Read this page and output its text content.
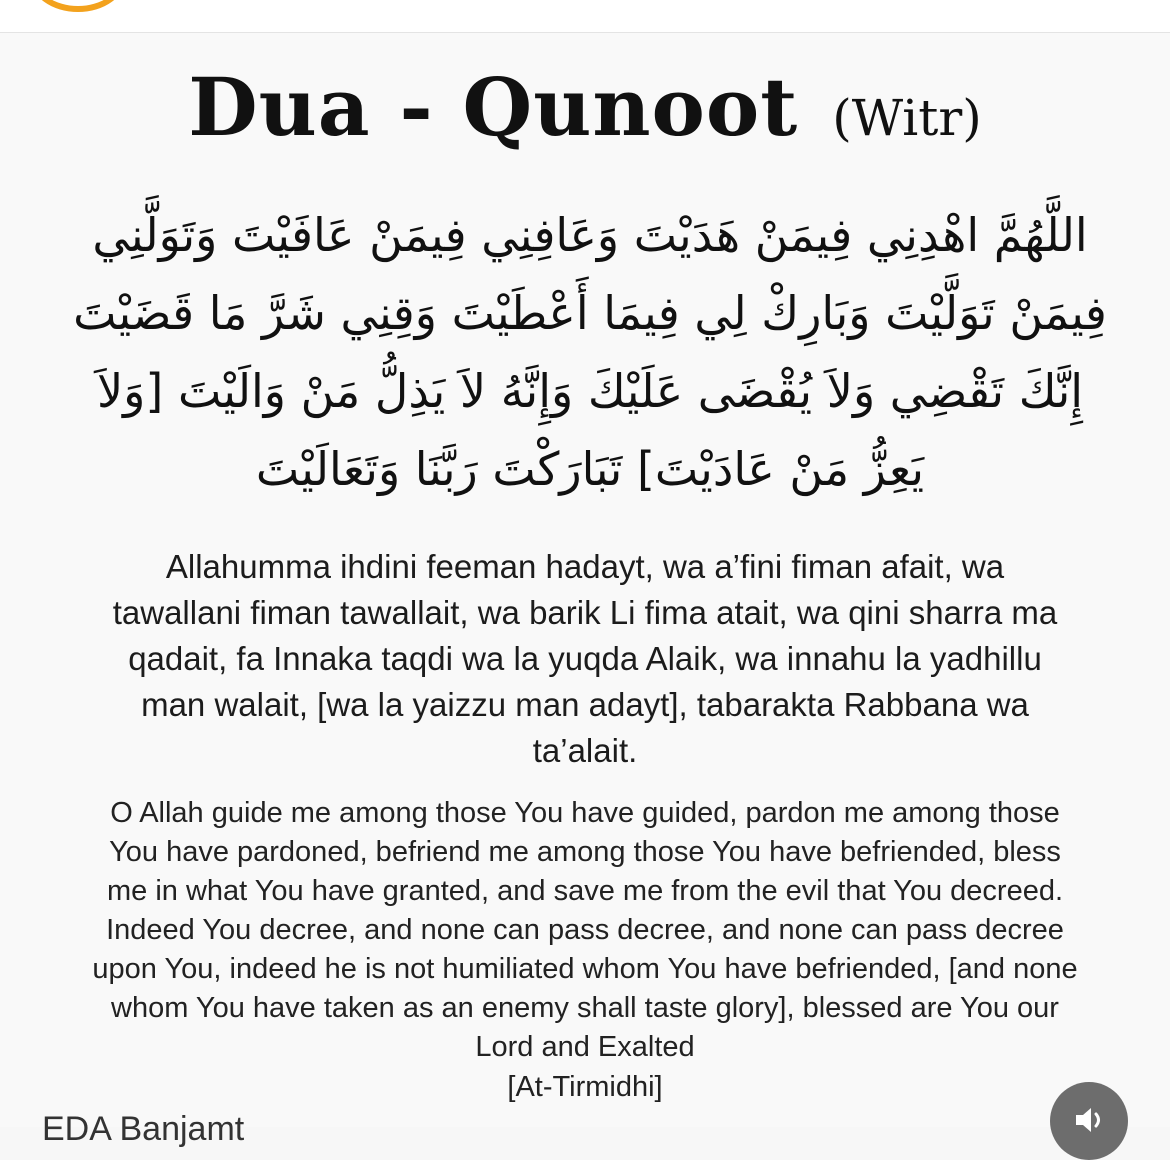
Dua - Qunoot (Witr)
اللَّهُمَّ اهْدِنِي فِيمَنْ هَدَيْتَ وَعَافِنِي فِيمَنْ عَافَيْتَ وَتَوَلَّنِي
فِيمَنْ تَوَلَّيْتَ وَبَارِكْ لِي فِيمَا أَعْطَيْتَ وَقِنِي شَرَّ مَا قَضَيْتَ
إِنَّكَ تَقْضِي وَلاَ يُقْضَى عَلَيْكَ وَإِنَّهُ لاَ يَذِلُّ مَنْ وَالَيْتَ [وَلاَ
يَعِزُّ مَنْ عَادَيْتَ] تَبَارَكْتَ رَبَّنَا وَتَعَالَيْتَ
Allahumma ihdini feeman hadayt, wa a’fini fiman afait, wa
tawallani fiman tawallait, wa barik Li fima atait, wa qini sharra ma
qadait, fa Innaka taqdi wa la yuqda Alaik, wa innahu la yadhillu
man walait, [wa la yaizzu man adayt], tabarakta Rabbana wa
ta’alait.
O Allah guide me among those You have guided, pardon me among those
You have pardoned, befriend me among those You have befriended, bless
me in what You have granted, and save me from the evil that You decreed.
Indeed You decree, and none can pass decree, and none can pass decree
upon You, indeed he is not humiliated whom You have befriended, [and none
whom You have taken as an enemy shall taste glory], blessed are You our
Lord and Exalted
[At-Tirmidhi]
EDA Banjamt
